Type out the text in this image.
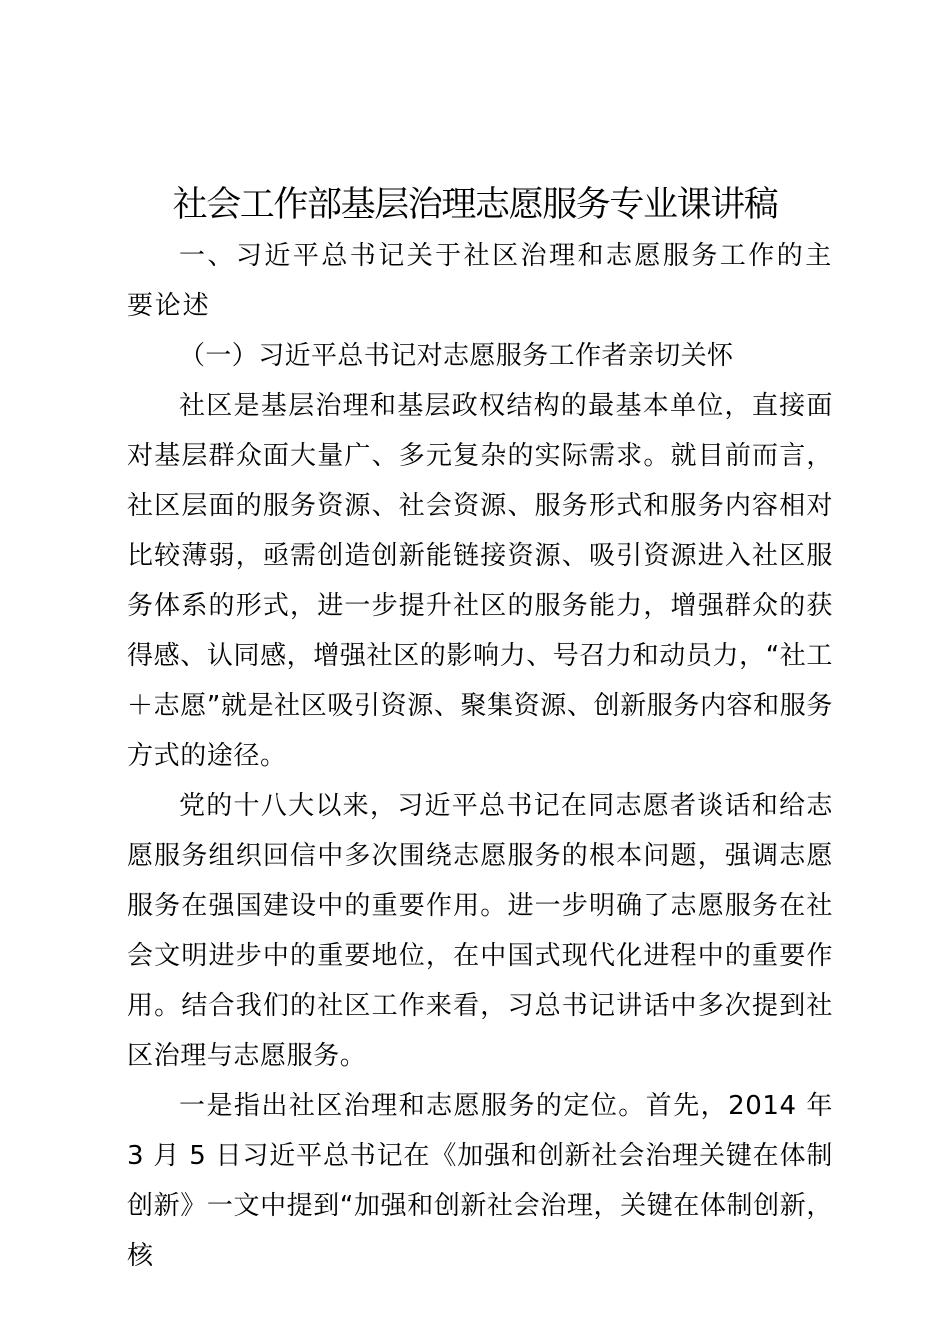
社会工作部基层治理志愿服务专业课讲稿

一、习近平总书记关于社区治理和志愿服务工作的主要论述

（一）习近平总书记对志愿服务工作者亲切关怀

社区是基层治理和基层政权结构的最基本单位，直接面对基层群众面大量广、多元复杂的实际需求。就目前而言，社区层面的服务资源、社会资源、服务形式和服务内容相对比较薄弱，亟需创造创新能链接资源、吸引资源进入社区服务体系的形式，进一步提升社区的服务能力，增强群众的获得感、认同感，增强社区的影响力、号召力和动员力，“社工＋志愿”就是社区吸引资源、聚集资源、创新服务内容和服务方式的途径。

党的十八大以来，习近平总书记在同志愿者谈话和给志愿服务组织回信中多次围绕志愿服务的根本问题，强调志愿服务在强国建设中的重要作用。进一步明确了志愿服务在社会文明进步中的重要地位，在中国式现代化进程中的重要作用。结合我们的社区工作来看，习总书记讲话中多次提到社区治理与志愿服务。

一是指出社区治理和志愿服务的定位。首先，2014 年 3 月 5 日习近平总书记在《加强和创新社会治理关键在体制创新》一文中提到“加强和创新社会治理，关键在体制创新，核
